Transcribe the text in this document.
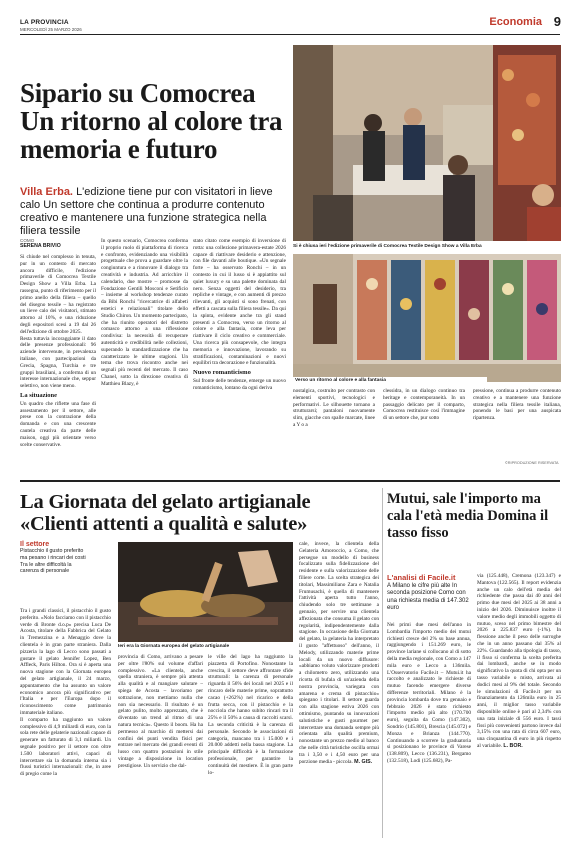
LA PROVINCIA
MERCOLEDÌ 25 MARZO 2026
Economia 9
Sipario su Comocrea Un ritorno al colore tra memoria e futuro
Villa Erba. L'edizione tiene pur con visitatori in lieve calo Un settore che continua a produrre contenuto creativo e mantenere una funzione strategica nella filiera tessile
COMO
SERENA BRIVIO
Si chiude nel complesso in tenuta, pur in un contesto di mercato ancora difficile, l'edizione primaverile di Comocrea Textile Design Show a Villa Erba. La rassegna, punto di riferimento per il primo anello della filiera – quello del disegno tessile – ha registrato un lieve calo dei visitatori, stimato attorno al 10%, e una riduzione degli espositori scesi a 19 dal 26 dell'edizione di ottobre 2025.
Resta tuttavia incoraggiante il dato delle presenze professionali: 96 aziende intervenute, in prevalenza italiane, con partecipazioni da Grecia, Spagna, Turchia e tre gruppi brasiliani, a conferma di un interesse internazionale che, seppur selettivo, non viene meno.
La situazione
Un quadro che riflette una fase di assestamento per il settore, alle prese con la contrazione della domanda e con una crescente cautela creativa da parte delle maison, oggi più orientate verso scelte conservative.
In questo scenario, Comocrea conferma il proprio ruolo di piattaforma di ricerca e confronto, evidenziando una visibilità progettuale che prova a guardare oltre la congiuntura e a rinnovare il dialogo tra creatività e industria. Ad arricchire il calendario, due mostre – promosse da Fondazione Gentili Mosconi e Setificio – insieme al workshop tendenze curato da Bibi Ronchi "ricercatrice di alfabeti estetici e relazionali" titolare dello Studio Chiron. Un momento partecipato, che ha riunito operatori del distretto comasco attorno a una riflessione condivisa: la necessità di recuperare autenticità e credibilità nelle collezioni, superando la standardizzazione che ha caratterizzato le ultime stagioni. Un tema che trova riscontro anche nei segnali più recenti del mercato. Il caso Chanel, sotto la direzione creativa di Matthieu Blazy, è
stato citato come esempio di inversione di rotta: una collezione primavera-estate 2026 capace di riattivare desiderio e attenzione, con file davanti alle boutique. «Un segnale forte – ha osservato Ronchi – in un contesto in cui il lusso si è appiattito sul quiet luxury e su una palette dominata dal nero. Senza oggetti del desiderio, tra repliche e vintage, e con aumenti di prezzo rilevanti, gli acquisti si sono frenati, con effetti a cascata sulla filiera tessile». Da qui la spinta, evidente anche tra gli stand presenti a Comocrea, verso un ritorno al colore e alla fantasia, come leva per riattivare il ciclo creativo e commerciale. Una ricerca più consapevole, che integra memoria e innovazione, lavorando su stratificazioni, contaminazioni e nuovi equilibri tra decorazione e funzionalità.
Nuovo romanticismo
Sul fronte delle tendenze, emerge un nuovo romanticismo, lontano da ogni deriva
Si è chiusa ieri l'edizione primaverile di Comocrea Textile Design Show a Villa Erba
Verso un ritorno al colore e alla fantasia
nostalgica, costruito per contrasto con elementi sportivi, tecnologici e performativi. Le silhouette tornano a strutturarsi; pantaloni nuovamente slim, giacche con spalle marcate, linee a Y o a
clessidra, in un dialogo continuo tra heritage e contemporaneità. In un passaggio delicato per il comparto, Comocrea restituisce così l'immagine di un settore che, pur sotto
pressione, continua a produrre contenuto creativo e a mantenere una funzione strategica nella filiera tessile italiana, ponendo le basi per una auspicata ripartenza.
©RIPRODUZIONE RISERVATA
La Giornata del gelato artigianale «Clienti attenti a qualità e salute»
Il settore
Pistacchio il gusto preferito ma pesano i rincari dei costi Tra le altre difficoltà la carenza di personale
Ieri era la Giornata europea del gelato artigianale
Tra i grandi classici, il pistacchio il gusto preferito. «Nolo facciamo con il pistacchio verde di Bronte d.o.p» precisa Luca De Acosta, titolare della Fabbrica del Gelato in Tremezzina e a Menaggio dove la clientela è in gran parte straniera. Dalla pizzeria la lago di Lecco sono passati a gustare il gelato Jennifer Lopez, Ben Affleck, Paris Hilton. Ora si è aperta una nuova stagione con la Giornata europea del gelato artigianale, il 24 marzo, appuntamento che ha assunto un valore economico ancora più significativo per l'Italia e per l'Europa dopo il riconoscimento come patrimonio immateriale italiano.
Il comparto ha raggiunto un valore complessivo di 4,9 miliardi di euro, con la sola rete delle gelaterie nazionali capace di generare un fatturato di 3,1 miliardi. Un segnale positivo per il settore con oltre 1.500 laboratori attivi, capaci di intercettare sia la domanda interna sia i flussi turistici internazionali: che, in aree di pregio come la
provincia di Como, arrivano a pesare per oltre l'80% sul volume d'affari complessivo. «La clientela, anche quella straniera, è sempre più attenta alla qualità e al mangiare salutare – spiega de Acosta – lavoriamo per sottrazione, non mettiamo nulla che non sia necessario. Il risultato è un gelato pulito, molto apprezzato, che è diventato un trend al ritmo di una natura tecnica». Questo il boom. Ha ha permesso al marchio di mettersi dai confini dei punti vendita fisici per entrare nel mercato dei grandi eventi di lusso con quattro postazioni in stile vintage a disposizione in location prestigiose. Un servizio che dal-
le ville del lago ha raggiunto la piazzetta di Portofino. Nonostante la crescita, il settore deve affrontare sfide strutturali: la carenza di personale riguarda il 56% dei locali nel 2025 e il rincaro delle materie prime, soprattutto cacao (+262%) nel ricarico e della frutta secca, con il pistacchio e la nocciola che hanno subito rincari tra il 25% e il 50% a causa di raccolti scarsi. La seconda criticità è la carenza di personale. Secondo le associazioni di categoria, mancano tra i 15.000 e i 20.000 addetti nella bassa stagione. La principale difficoltà è la formazione professionale, per garantire la continuità del mestiere. È in gran parte lo-
cale, invece, la clientela della Gelateria Amoroccio, a Como, che persegue un modello di business focalizzato sulla fidelizzazione del residente e sulla valorizzazione delle filiere corte. La scelta strategica dei titolari, Massimiliano Zara e Natalia Frumusachi, è quella di mantenere l'attività aperta tutto l'anno, chiudendo solo tre settimane a gennaio, per servire una clientela affezionata che consuma il gelato con regolarità, indipendentemente dalla stagione. In occasione della Giornata del gelato, la gelateria ha interpretato il gusto "affettuoso" dell'anno, il Melody, utilizzando materie prime locali da un nuovo diffusore: «abbiamo voluto valorizzare prodotti a chilometro zero, utilizzando una ricotta di bufala di un'azienda della nostra provincia, variegata con amarena e crema di pistacchio» spiegano i titolari. Il settore guarda con alla stagione estiva 2026 con ottimismo, puntando su innovazioni salutistiche e gusti gourmet per intercettare una domanda sempre più orientata alla qualità premium, nonostante un prezzo medio al banco che nelle città turistiche oscilla ormai tra i 3,50 e i 4,50 euro per una porzione media - piccola. M. GIS.
Mutui, sale l'importo ma cala l'età media Domina il tasso fisso
L'analisi di Facile.it
A Milano le cifre più alte In seconda posizione Como con una richiesta media di 147.302 euro
Nei primi due mesi dell'anno in Lombardia l'importo medio dei mutui richiesti cresce del 2% su base annua, raggiungendo i 151.269 euro, le province lariane si collocano al di sotto della media regionale, con Como a 147 mila euro e Lecco a 136mila. L'Osservatorio Facile.it – Mutui.it ha raccolto e analizzato le richieste di mutuo facendo emergere diverse differenze territoriali. Milano è la provincia lombarda dove tra gennaio e febbraio 2026 è stato richiesto l'importo medio più alto (170.700 euro), seguita da Como (147.302), Sondrio (145.801), Brescia (145.072) e Monza e Brianza (144.770). Continuando a scorrere la graduatoria si posizionano le province di Varese (138.809), Lecco (136.231), Bergamo (132.518), Lodi (125.682), Pa-
via (125.448), Cremona (123.347) e Mantova (122.565). Il report evidenzia anche un calo dell'età media del richiedente che passa dai 40 anni del primo due mesi del 2025 ai 38 anni a inizio del 2026. Diminuisce inoltre il valore medio degli immobili oggetto di mutuo, sceso nel primo bimestre del 2026 a 225.837 euro (-1%). In flessione anche il peso delle surroghe che in un anno passano dal 35% al 22%. Guardando alla tipologia di tasso, il fisso si conferma la scelta preferita dai lombardi, anche se in modo significativo la quota di chi opta per un tasso variabile o misto, arrivata ai dodici mesi al 9% del totale. Secondo le simulazioni di Facile.it per un finanziamento da 126mila euro in 25 anni, il miglior tasso variabile disponibile online è pari al 2,34% con una rata iniziale di 556 euro. I tassi fissi più convenienti partono invece dal 3,15% con una rata di circa 607 euro, una cinquantina di euro in più rispetto al variabile. L. BOR.
